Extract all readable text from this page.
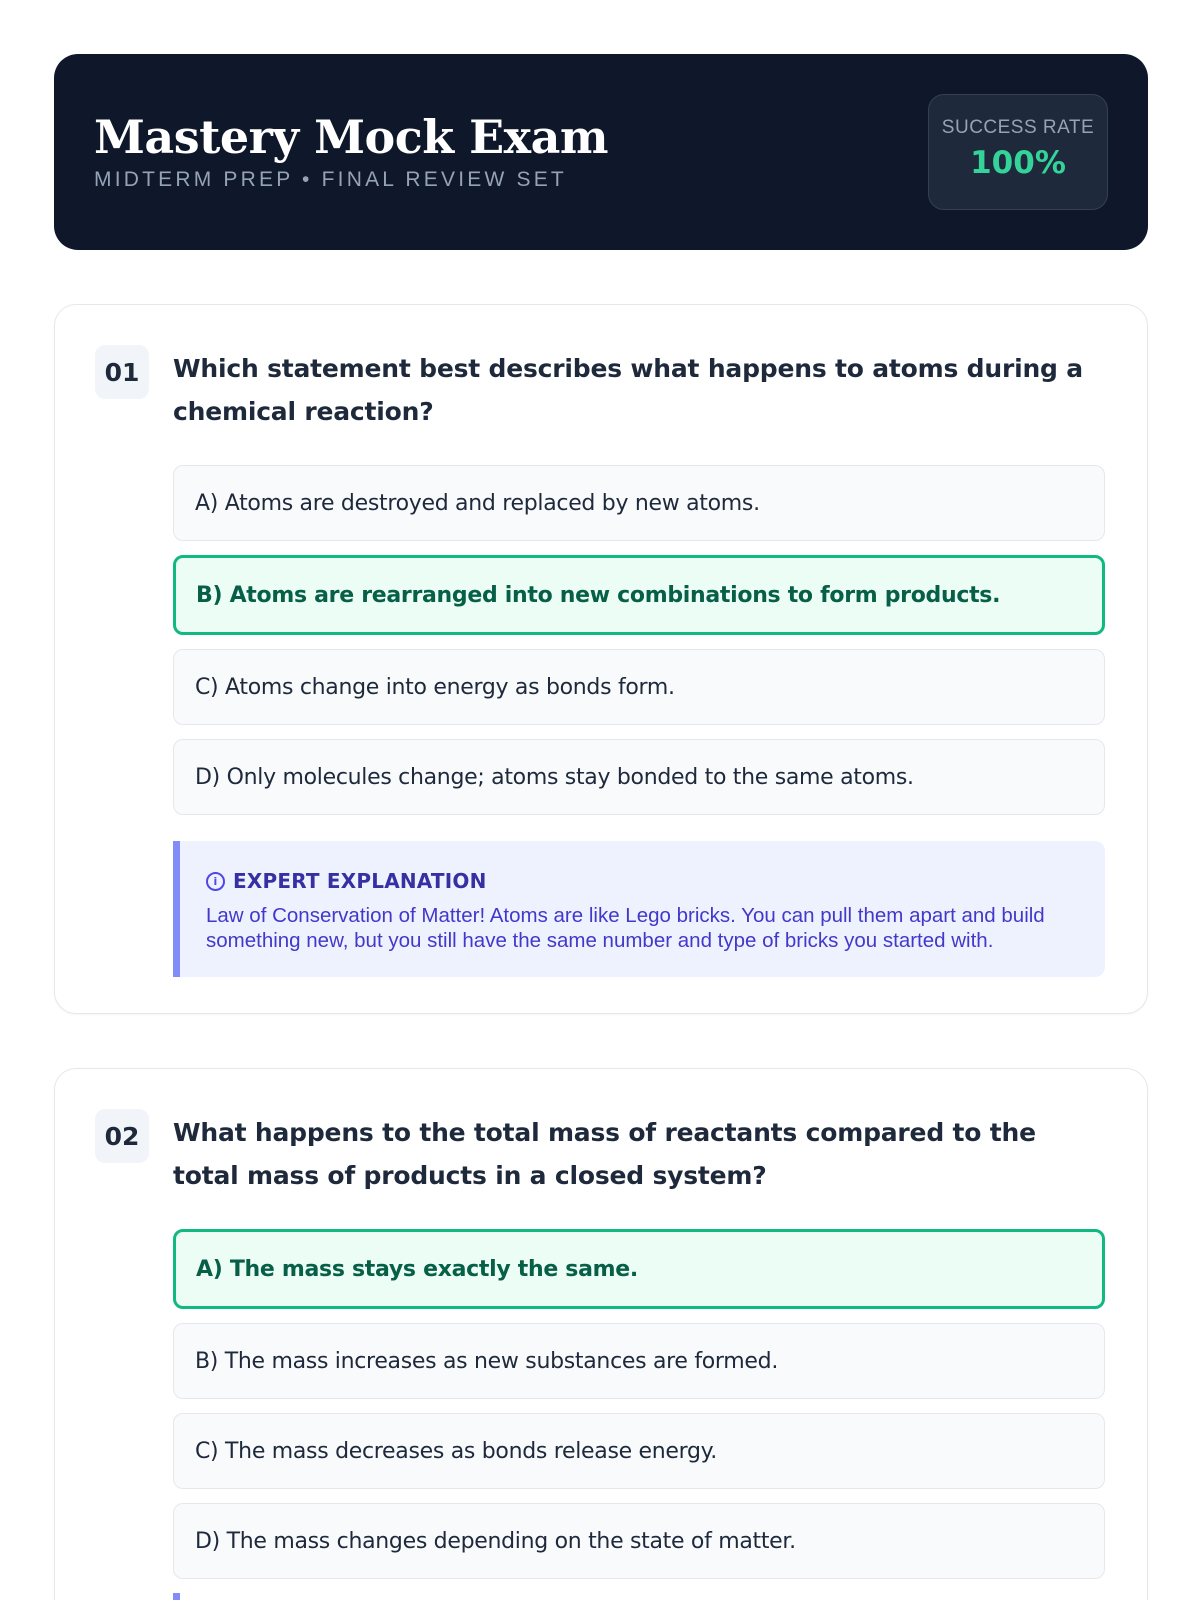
Mastery Mock Exam
MIDTERM PREP • FINAL REVIEW SET
SUCCESS RATE
100%
01	Which statement best describes what happens to atoms during a chemical reaction?
A) Atoms are destroyed and replaced by new atoms.
B) Atoms are rearranged into new combinations to form products.
C) Atoms change into energy as bonds form.
D) Only molecules change; atoms stay bonded to the same atoms.
i EXPERT EXPLANATION
Law of Conservation of Matter! Atoms are like Lego bricks. You can pull them apart and build something new, but you still have the same number and type of bricks you started with.
02	What happens to the total mass of reactants compared to the total mass of products in a closed system?
A) The mass stays exactly the same.
B) The mass increases as new substances are formed.
C) The mass decreases as bonds release energy.
D) The mass changes depending on the state of matter.
